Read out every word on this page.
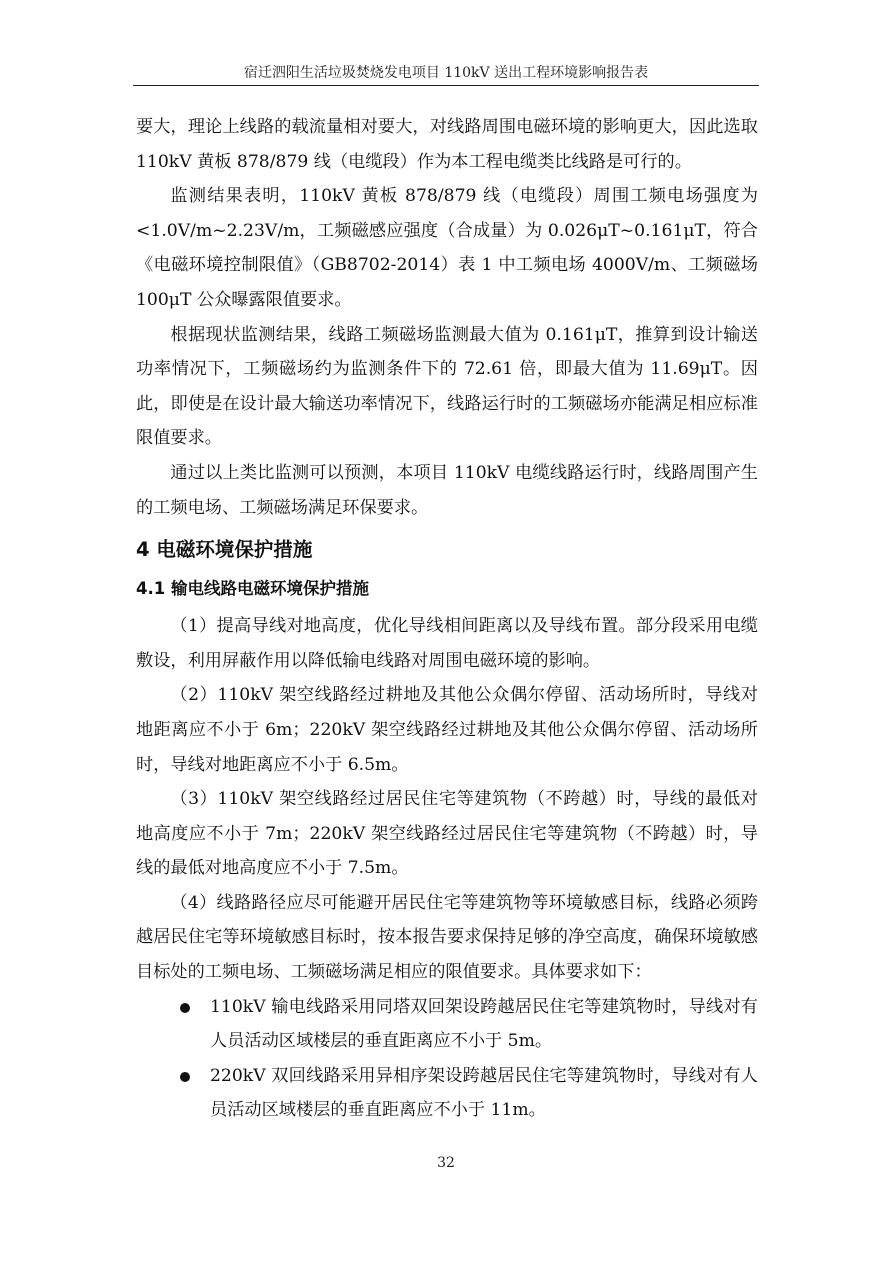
宿迁泗阳生活垃圾焚烧发电项目 110kV 送出工程环境影响报告表

要大，理论上线路的载流量相对要大，对线路周围电磁环境的影响更大，因此选取 110kV 黄板 878/879 线（电缆段）作为本工程电缆类比线路是可行的。

监测结果表明，110kV 黄板 878/879 线（电缆段）周围工频电场强度为 <1.0V/m~2.23V/m，工频磁感应强度（合成量）为 0.026μT~0.161μT，符合《电磁环境控制限值》（GB8702-2014）表 1 中工频电场 4000V/m、工频磁场 100μT 公众曝露限值要求。

根据现状监测结果，线路工频磁场监测最大值为 0.161μT，推算到设计输送功率情况下，工频磁场约为监测条件下的 72.61 倍，即最大值为 11.69μT。因此，即使是在设计最大输送功率情况下，线路运行时的工频磁场亦能满足相应标准限值要求。

通过以上类比监测可以预测，本项目 110kV 电缆线路运行时，线路周围产生的工频电场、工频磁场满足环保要求。

4 电磁环境保护措施
4.1 输电线路电磁环境保护措施

（1）提高导线对地高度，优化导线相间距离以及导线布置。部分段采用电缆敷设，利用屏蔽作用以降低输电线路对周围电磁环境的影响。

（2）110kV 架空线路经过耕地及其他公众偶尔停留、活动场所时，导线对地距离应不小于 6m；220kV 架空线路经过耕地及其他公众偶尔停留、活动场所时，导线对地距离应不小于 6.5m。

（3）110kV 架空线路经过居民住宅等建筑物（不跨越）时，导线的最低对地高度应不小于 7m；220kV 架空线路经过居民住宅等建筑物（不跨越）时，导线的最低对地高度应不小于 7.5m。

（4）线路路径应尽可能避开居民住宅等建筑物等环境敏感目标，线路必须跨越居民住宅等环境敏感目标时，按本报告要求保持足够的净空高度，确保环境敏感目标处的工频电场、工频磁场满足相应的限值要求。具体要求如下：

110kV 输电线路采用同塔双回架设跨越居民住宅等建筑物时，导线对有人员活动区域楼层的垂直距离应不小于 5m。
220kV 双回线路采用异相序架设跨越居民住宅等建筑物时，导线对有人员活动区域楼层的垂直距离应不小于 11m。
32
